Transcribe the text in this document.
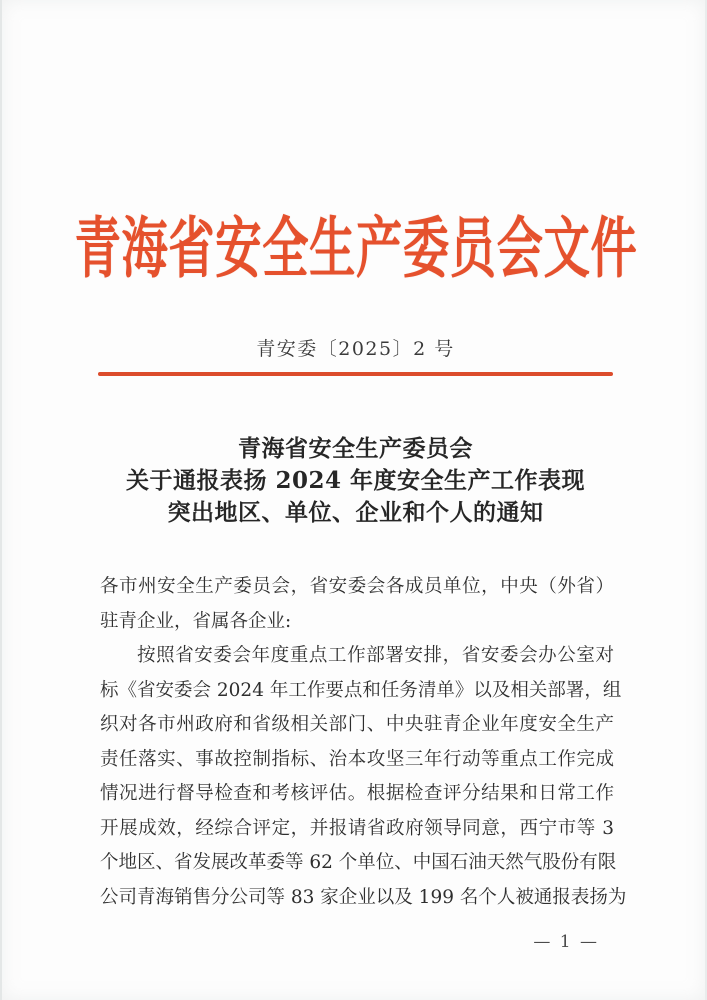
青海省安全生产委员会文件
青安委〔2025〕2 号
青海省安全生产委员会
关于通报表扬 2024 年度安全生产工作表现
突出地区、单位、企业和个人的通知
各市州安全生产委员会，省安委会各成员单位，中央（外省）
驻青企业，省属各企业:
按照省安委会年度重点工作部署安排，省安委会办公室对
标《省安委会 2024 年工作要点和任务清单》以及相关部署，组
织对各市州政府和省级相关部门、中央驻青企业年度安全生产
责任落实、事故控制指标、治本攻坚三年行动等重点工作完成
情况进行督导检查和考核评估。根据检查评分结果和日常工作
开展成效，经综合评定，并报请省政府领导同意，西宁市等 3
个地区、省发展改革委等 62 个单位、中国石油天然气股份有限
公司青海销售分公司等 83 家企业以及 199 名个人被通报表扬为
— 1 —
